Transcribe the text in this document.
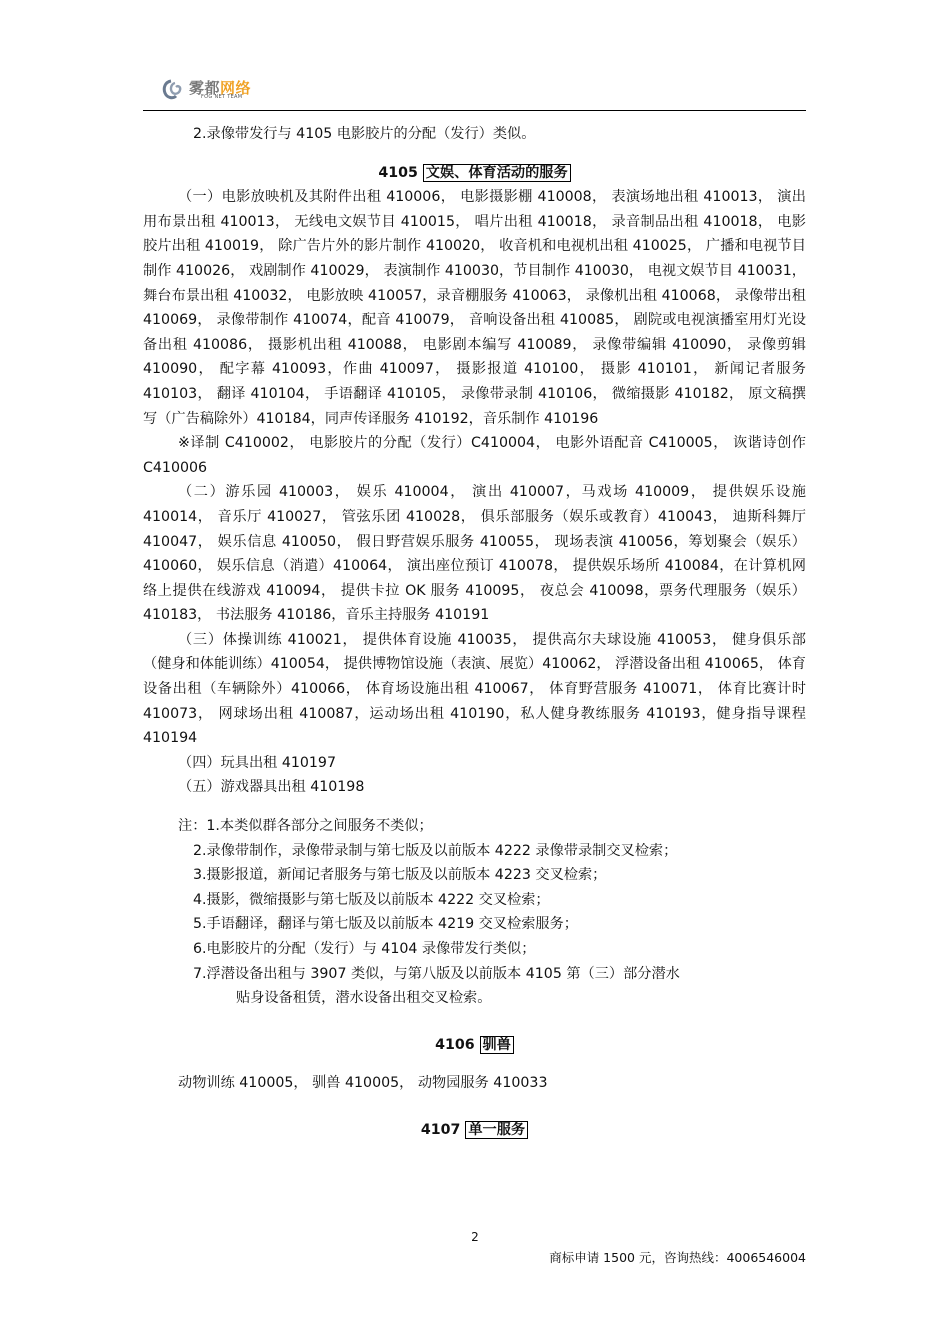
雾都网络
FOG NET TEAM

2.录像带发行与 4105 电影胶片的分配（发行）类似。

4105 文娱、体育活动的服务

（一）电影放映机及其附件出租 410006， 电影摄影棚 410008， 表演场地出租 410013， 演出用布景出租 410013， 无线电文娱节目 410015， 唱片出租 410018， 录音制品出租 410018， 电影胶片出租 410019， 除广告片外的影片制作 410020， 收音机和电视机出租 410025， 广播和电视节目制作 410026， 戏剧制作 410029， 表演制作 410030，节目制作 410030， 电视文娱节目 410031， 舞台布景出租 410032， 电影放映 410057，录音棚服务 410063， 录像机出租 410068， 录像带出租 410069， 录像带制作 410074，配音 410079， 音响设备出租 410085， 剧院或电视演播室用灯光设备出租 410086， 摄影机出租 410088， 电影剧本编写 410089， 录像带编辑 410090， 录像剪辑 410090， 配字幕 410093，作曲 410097， 摄影报道 410100， 摄影 410101， 新闻记者服务 410103， 翻译 410104， 手语翻译 410105， 录像带录制 410106， 微缩摄影 410182， 原文稿撰写（广告稿除外）410184，同声传译服务 410192，音乐制作 410196

※译制 C410002， 电影胶片的分配（发行）C410004， 电影外语配音 C410005， 诙谐诗创作 C410006

（二）游乐园 410003， 娱乐 410004， 演出 410007，马戏场 410009， 提供娱乐设施 410014， 音乐厅 410027， 管弦乐团 410028， 俱乐部服务（娱乐或教育）410043， 迪斯科舞厅 410047， 娱乐信息 410050， 假日野营娱乐服务 410055， 现场表演 410056，筹划聚会（娱乐）410060， 娱乐信息（消遣）410064， 演出座位预订 410078， 提供娱乐场所 410084，在计算机网络上提供在线游戏 410094， 提供卡拉 OK 服务 410095， 夜总会 410098，票务代理服务（娱乐）410183， 书法服务 410186，音乐主持服务 410191

（三）体操训练 410021， 提供体育设施 410035， 提供高尔夫球设施 410053， 健身俱乐部（健身和体能训练）410054， 提供博物馆设施（表演、展览）410062， 浮潜设备出租 410065， 体育设备出租（车辆除外）410066， 体育场设施出租 410067， 体育野营服务 410071， 体育比赛计时 410073， 网球场出租 410087，运动场出租 410190，私人健身教练服务 410193，健身指导课程 410194

（四）玩具出租 410197

（五）游戏器具出租 410198

注：1.本类似群各部分之间服务不类似；

2.录像带制作，录像带录制与第七版及以前版本 4222 录像带录制交叉检索；

3.摄影报道，新闻记者服务与第七版及以前版本 4223 交叉检索；

4.摄影，微缩摄影与第七版及以前版本 4222 交叉检索；

5.手语翻译，翻译与第七版及以前版本 4219 交叉检索服务；

6.电影胶片的分配（发行）与 4104 录像带发行类似；

7.浮潜设备出租与 3907 类似，与第八版及以前版本 4105 第（三）部分潜水

贴身设备租赁，潜水设备出租交叉检索。

4106 驯兽

动物训练 410005， 驯兽 410005， 动物园服务 410033

4107 单一服务

2
商标申请 1500 元，咨询热线：4006546004
